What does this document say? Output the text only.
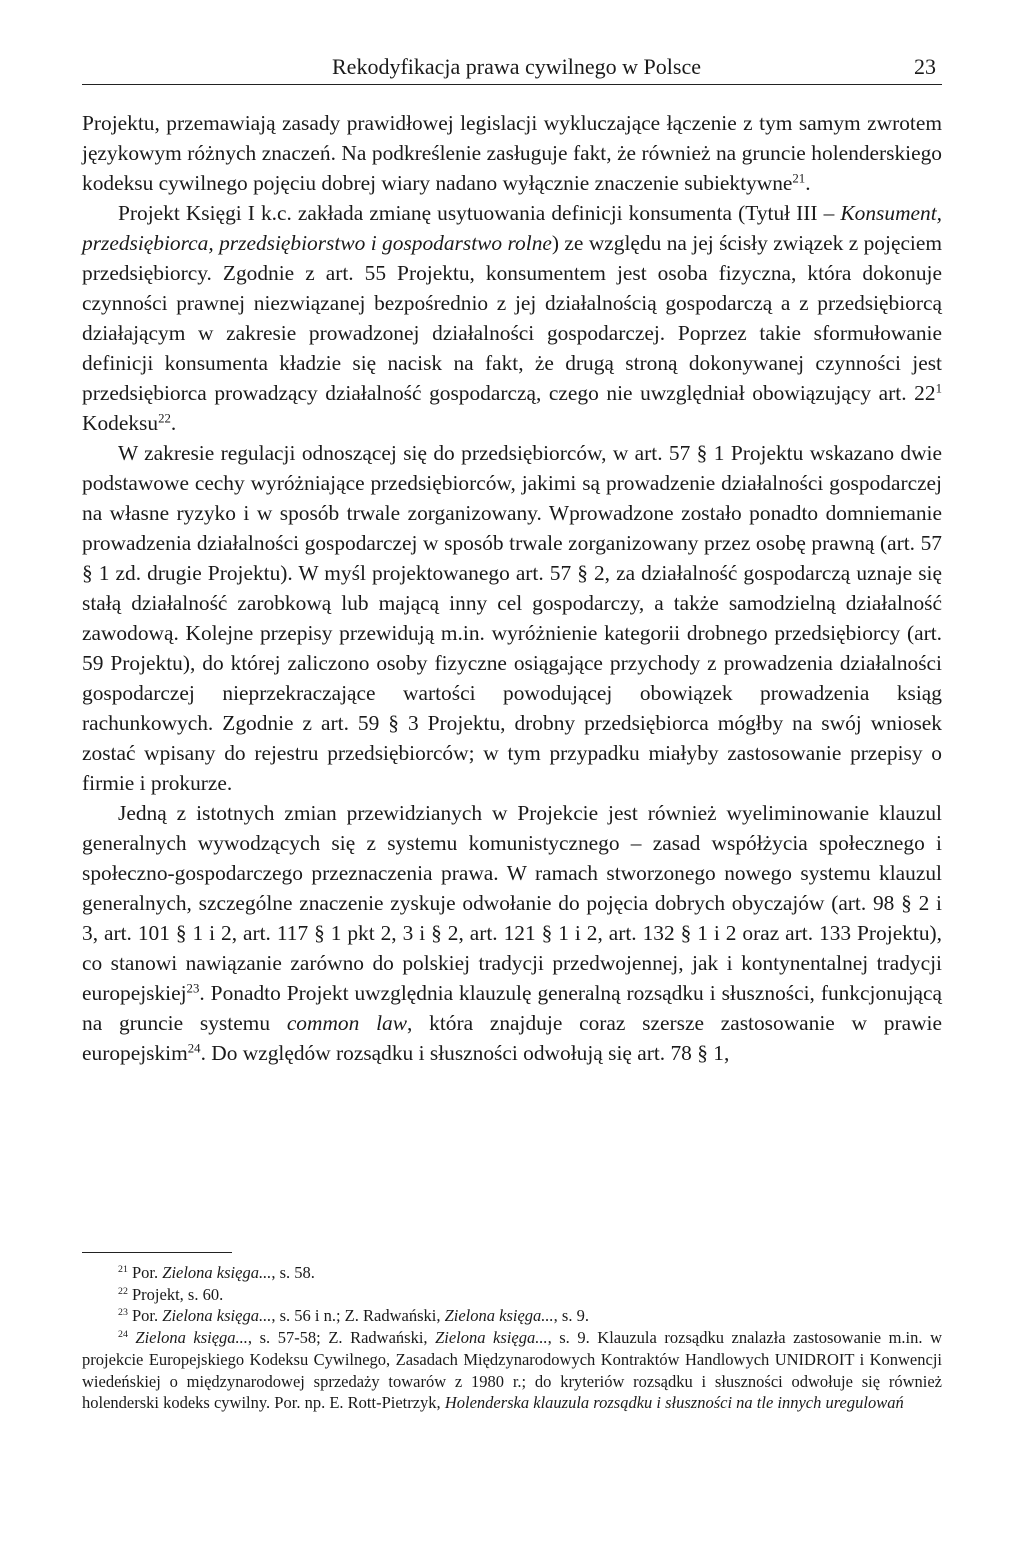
Rekodyfikacja prawa cywilnego w Polsce	23

Projektu, przemawiają zasady prawidłowej legislacji wykluczające łączenie z tym samym zwrotem językowym różnych znaczeń. Na podkreślenie zasługuje fakt, że również na gruncie holenderskiego kodeksu cywilnego pojęciu dobrej wiary nadano wyłącznie znaczenie subiektywne$^{21}$.

Projekt Księgi I k.c. zakłada zmianę usytuowania definicji konsumenta (Tytuł III – Konsument, przedsiębiorca, przedsiębiorstwo i gospodarstwo rolne) ze względu na jej ścisły związek z pojęciem przedsiębiorcy. Zgodnie z art. 55 Projektu, konsumentem jest osoba fizyczna, która dokonuje czynności prawnej niezwiązanej bezpośrednio z jej działalnością gospodarczą a z przedsiębiorcą działającym w zakresie prowadzonej działalności gospodarczej. Poprzez takie sformułowanie definicji konsumenta kładzie się nacisk na fakt, że drugą stroną dokonywanej czynności jest przedsiębiorca prowadzący działalność gospodarczą, czego nie uwzględniał obowiązujący art. $22^1$ Kodeksu$^{22}$.

W zakresie regulacji odnoszącej się do przedsiębiorców, w art. 57 § 1 Projektu wskazano dwie podstawowe cechy wyróżniające przedsiębiorców, jakimi są prowadzenie działalności gospodarczej na własne ryzyko i w sposób trwale zorganizowany. Wprowadzone zostało ponadto domniemanie prowadzenia działalności gospodarczej w sposób trwale zorganizowany przez osobę prawną (art. 57 § 1 zd. drugie Projektu). W myśl projektowanego art. 57 § 2, za działalność gospodarczą uznaje się stałą działalność zarobkową lub mającą inny cel gospodarczy, a także samodzielną działalność zawodową. Kolejne przepisy przewidują m.in. wyróżnienie kategorii drobnego przedsiębiorcy (art. 59 Projektu), do której zaliczono osoby fizyczne osiągające przychody z prowadzenia działalności gospodarczej nieprzekraczające wartości powodującej obowiązek prowadzenia ksiąg rachunkowych. Zgodnie z art. 59 § 3 Projektu, drobny przedsiębiorca mógłby na swój wniosek zostać wpisany do rejestru przedsiębiorców; w tym przypadku miałyby zastosowanie przepisy o firmie i prokurze.

Jedną z istotnych zmian przewidzianych w Projekcie jest również wyeliminowanie klauzul generalnych wywodzących się z systemu komunistycznego – zasad współżycia społecznego i społeczno-gospodarczego przeznaczenia prawa. W ramach stworzonego nowego systemu klauzul generalnych, szczególne znaczenie zyskuje odwołanie do pojęcia dobrych obyczajów (art. 98 § 2 i 3, art. 101 § 1 i 2, art. 117 § 1 pkt 2, 3 i § 2, art. 121 § 1 i 2, art. 132 § 1 i 2 oraz art. 133 Projektu), co stanowi nawiązanie zarówno do polskiej tradycji przedwojennej, jak i kontynentalnej tradycji europejskiej$^{23}$. Ponadto Projekt uwzględnia klauzulę generalną rozsądku i słuszności, funkcjonującą na gruncie systemu common law, która znajduje coraz szersze zastosowanie w prawie europejskim$^{24}$. Do względów rozsądku i słuszności odwołują się art. 78 § 1,

$^{21}$ Por. Zielona księga..., s. 58.

$^{22}$ Projekt, s. 60.

$^{23}$ Por. Zielona księga..., s. 56 i n.; Z. Radwański, Zielona księga..., s. 9.

$^{24}$ Zielona księga..., s. 57-58; Z. Radwański, Zielona księga..., s. 9. Klauzula rozsądku znalazła zastosowanie m.in. w projekcie Europejskiego Kodeksu Cywilnego, Zasadach Międzynarodowych Kontraktów Handlowych UNIDROIT i Konwencji wiedeńskiej o międzynarodowej sprzedaży towarów z 1980 r.; do kryteriów rozsądku i słuszności odwołuje się również holenderski kodeks cywilny. Por. np. E. Rott-Pietrzyk, Holenderska klauzula rozsądku i słuszności na tle innych uregulowań
